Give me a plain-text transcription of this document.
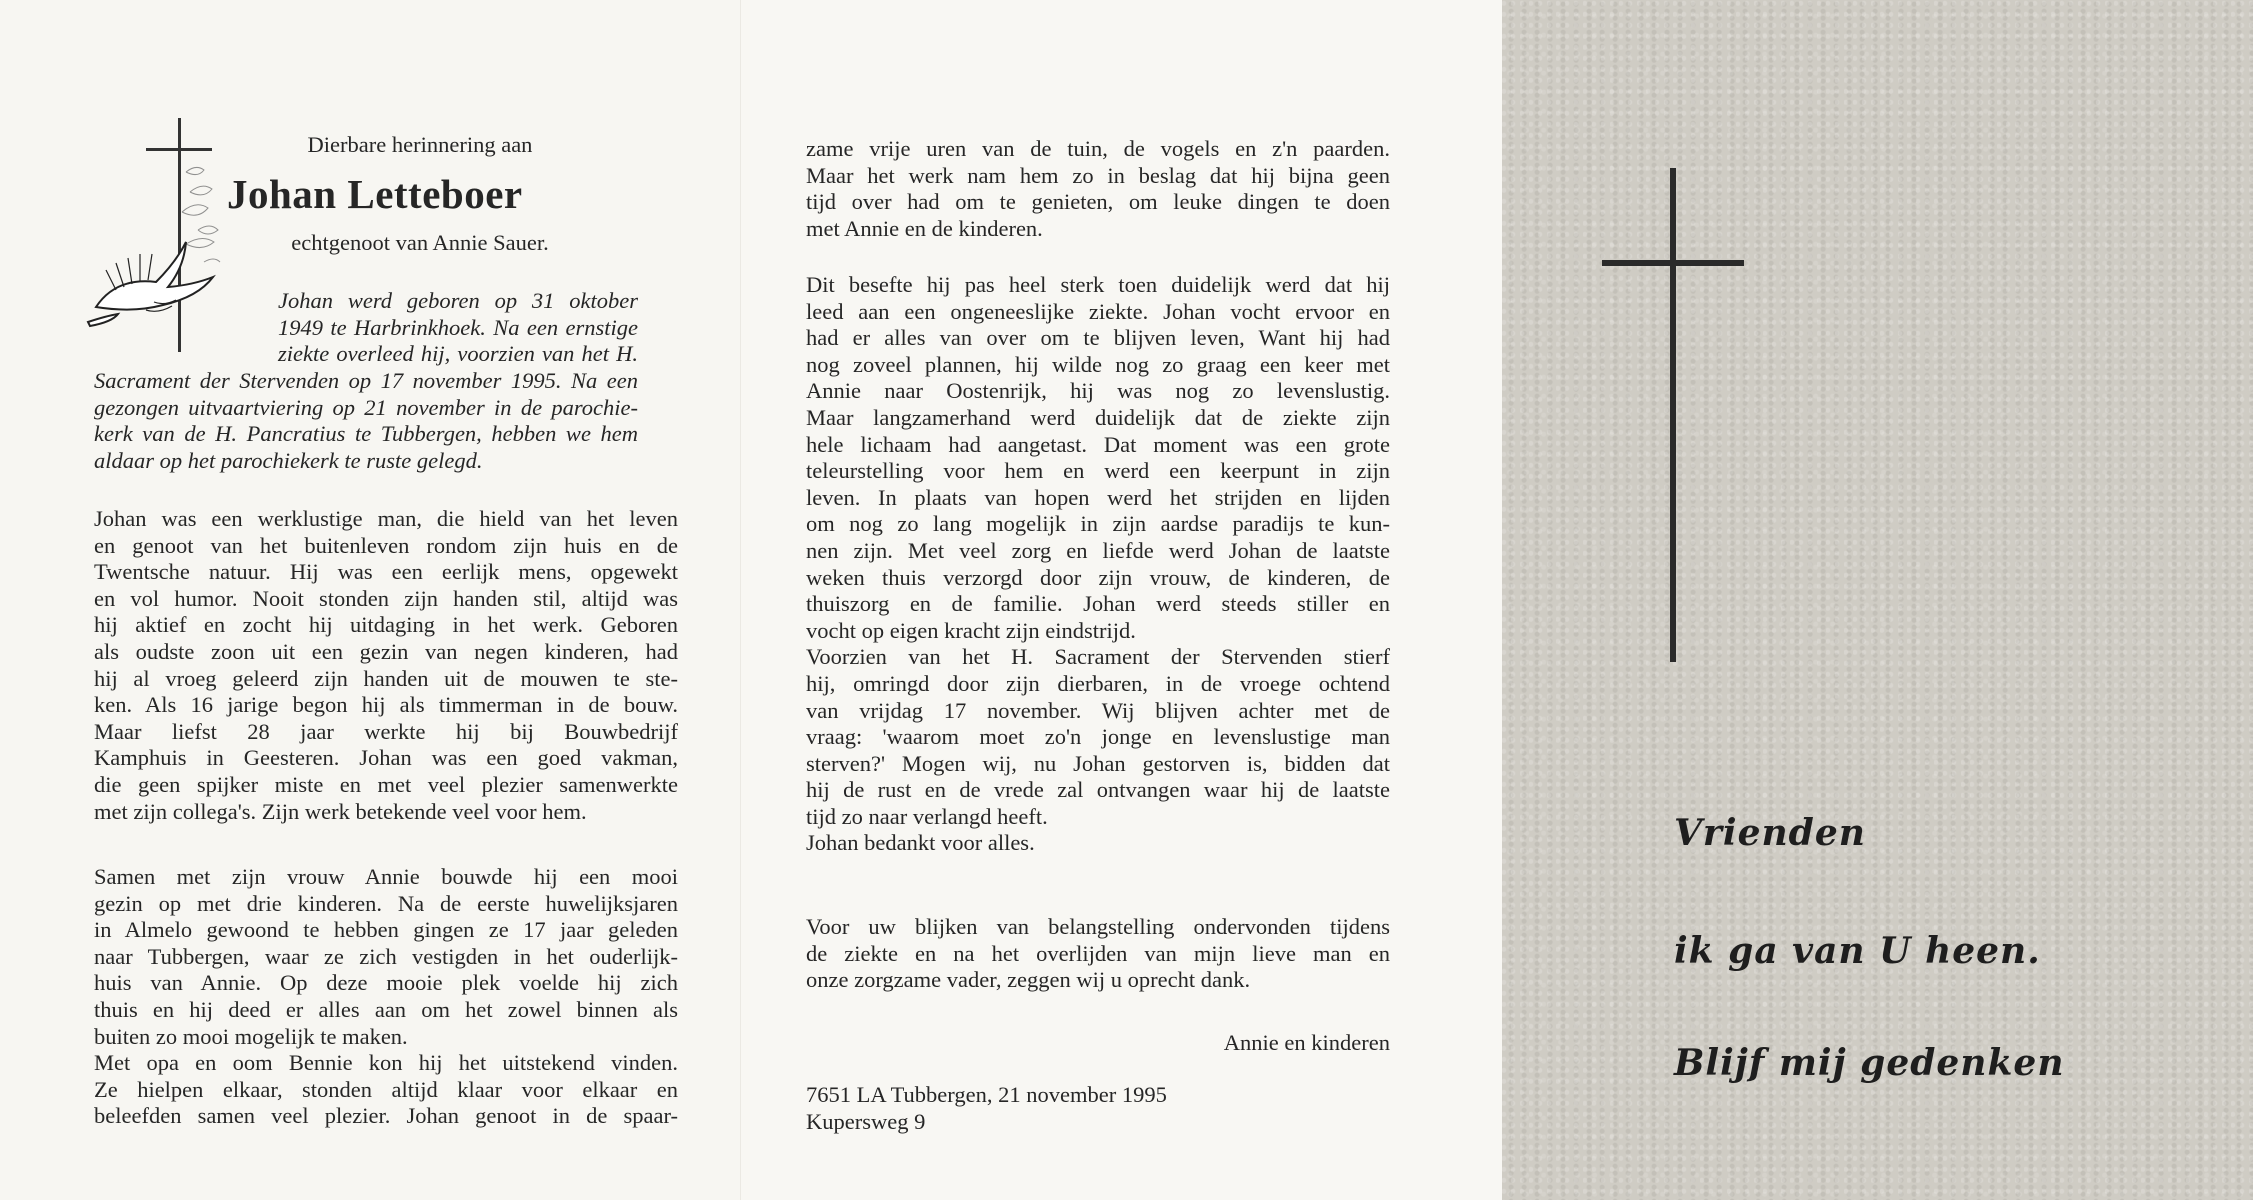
Dierbare herinnering aan
Johan Letteboer
echtgenoot van Annie Sauer.
Johan werd geboren op 31 oktober
1949 te Harbrinkhoek. Na een ernstige
ziekte overleed hij, voorzien van het H.
Sacrament der Stervenden op 17 november 1995. Na een
gezongen uitvaartviering op 21 november in de parochie-
kerk van de H. Pancratius te Tubbergen, hebben we hem
aldaar op het parochiekerk te ruste gelegd.
Johan was een werklustige man, die hield van het leven
en genoot van het buitenleven rondom zijn huis en de
Twentsche natuur. Hij was een eerlijk mens, opgewekt
en vol humor. Nooit stonden zijn handen stil, altijd was
hij aktief en zocht hij uitdaging in het werk. Geboren
als oudste zoon uit een gezin van negen kinderen, had
hij al vroeg geleerd zijn handen uit de mouwen te ste-
ken. Als 16 jarige begon hij als timmerman in de bouw.
Maar liefst 28 jaar werkte hij bij Bouwbedrijf
Kamphuis in Geesteren. Johan was een goed vakman,
die geen spijker miste en met veel plezier samenwerkte
met zijn collega's. Zijn werk betekende veel voor hem.
Samen met zijn vrouw Annie bouwde hij een mooi
gezin op met drie kinderen. Na de eerste huwelijksjaren
in Almelo gewoond te hebben gingen ze 17 jaar geleden
naar Tubbergen, waar ze zich vestigden in het ouderlijk-
huis van Annie. Op deze mooie plek voelde hij zich
thuis en hij deed er alles aan om het zowel binnen als
buiten zo mooi mogelijk te maken.
Met opa en oom Bennie kon hij het uitstekend vinden.
Ze hielpen elkaar, stonden altijd klaar voor elkaar en
beleefden samen veel plezier. Johan genoot in de spaar-
zame vrije uren van de tuin, de vogels en z'n paarden.
Maar het werk nam hem zo in beslag dat hij bijna geen
tijd over had om te genieten, om leuke dingen te doen
met Annie en de kinderen.
Dit besefte hij pas heel sterk toen duidelijk werd dat hij
leed aan een ongeneeslijke ziekte. Johan vocht ervoor en
had er alles van over om te blijven leven, Want hij had
nog zoveel plannen, hij wilde nog zo graag een keer met
Annie naar Oostenrijk, hij was nog zo levenslustig.
Maar langzamerhand werd duidelijk dat de ziekte zijn
hele lichaam had aangetast. Dat moment was een grote
teleurstelling voor hem en werd een keerpunt in zijn
leven. In plaats van hopen werd het strijden en lijden
om nog zo lang mogelijk in zijn aardse paradijs te kun-
nen zijn. Met veel zorg en liefde werd Johan de laatste
weken thuis verzorgd door zijn vrouw, de kinderen, de
thuiszorg en de familie. Johan werd steeds stiller en
vocht op eigen kracht zijn eindstrijd.
Voorzien van het H. Sacrament der Stervenden stierf
hij, omringd door zijn dierbaren, in de vroege ochtend
van vrijdag 17 november. Wij blijven achter met de
vraag: 'waarom moet zo'n jonge en levenslustige man
sterven?' Mogen wij, nu Johan gestorven is, bidden dat
hij de rust en de vrede zal ontvangen waar hij de laatste
tijd zo naar verlangd heeft.
Johan bedankt voor alles.
Voor uw blijken van belangstelling ondervonden tijdens
de ziekte en na het overlijden van mijn lieve man en
onze zorgzame vader, zeggen wij u oprecht dank.
Annie en kinderen
7651 LA Tubbergen, 21 november 1995
Kupersweg 9
Vrienden
ik ga van U heen.
Blijf mij gedenken
